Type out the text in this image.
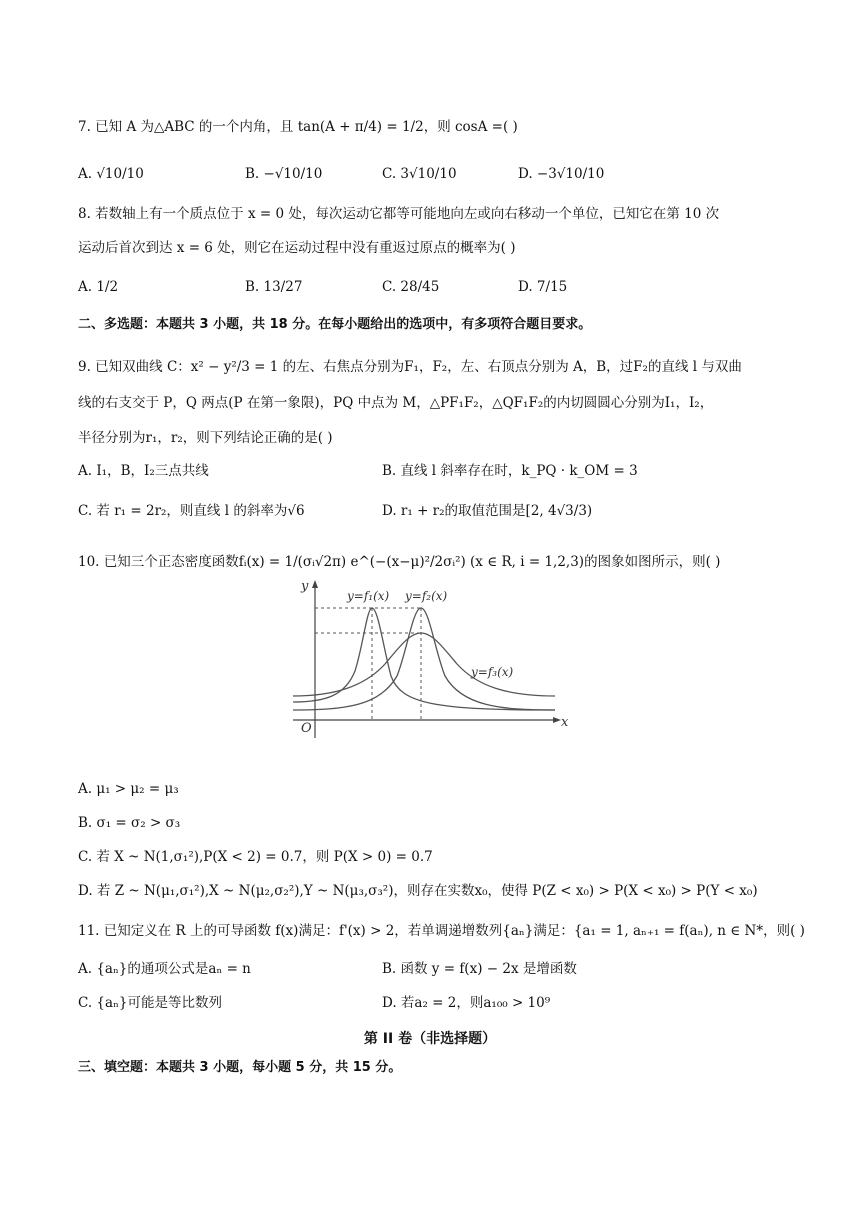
7. 已知 A 为△ABC 的一个内角，且 tan(A + π/4) = 1/2，则 cosA =( )
A. √10/10	B. −√10/10	C. 3√10/10	D. −3√10/10
8. 若数轴上有一个质点位于 x = 0 处，每次运动它都等可能地向左或向右移动一个单位，已知它在第 10 次
运动后首次到达 x = 6 处，则它在运动过程中没有重返过原点的概率为( )
A. 1/2	B. 13/27	C. 28/45	D. 7/15
二、多选题：本题共 3 小题，共 18 分。在每小题给出的选项中，有多项符合题目要求。
9. 已知双曲线 C：x² − y²/3 = 1 的左、右焦点分别为F₁，F₂，左、右顶点分别为 A，B，过F₂的直线 l 与双曲
线的右支交于 P，Q 两点(P 在第一象限)，PQ 中点为 M，△PF₁F₂，△QF₁F₂的内切圆圆心分别为I₁，I₂，
半径分别为r₁，r₂，则下列结论正确的是( )
A. I₁，B，I₂三点共线	B. 直线 l 斜率存在时，k_PQ · k_OM = 3
C. 若 r₁ = 2r₂，则直线 l 的斜率为√6	D. r₁ + r₂的取值范围是[2, 4√3/3)
10. 已知三个正态密度函数fᵢ(x) = 1/(σᵢ√2π) e^(−(x−μ)²/2σᵢ²) (x ∈ R, i = 1,2,3)的图象如图所示，则( )
y
x
O
y=f₁(x) y=f₂(x)
y=f₃(x)
A. μ₁ > μ₂ = μ₃
B. σ₁ = σ₂ > σ₃
C. 若 X ~ N(1,σ₁²),P(X < 2) = 0.7，则 P(X > 0) = 0.7
D. 若 Z ~ N(μ₁,σ₁²),X ~ N(μ₂,σ₂²),Y ~ N(μ₃,σ₃²)，则存在实数x₀，使得 P(Z < x₀) > P(X < x₀) > P(Y < x₀)
11. 已知定义在 R 上的可导函数 f(x)满足：f'(x) > 2，若单调递增数列{aₙ}满足：{a₁ = 1, aₙ₊₁ = f(aₙ), n ∈ N*，则( )
A. {aₙ}的通项公式是aₙ = n	B. 函数 y = f(x) − 2x 是增函数
C. {aₙ}可能是等比数列	D. 若a₂ = 2，则a₁₀₀ > 10⁹
第 II 卷（非选择题）
三、填空题：本题共 3 小题，每小题 5 分，共 15 分。
